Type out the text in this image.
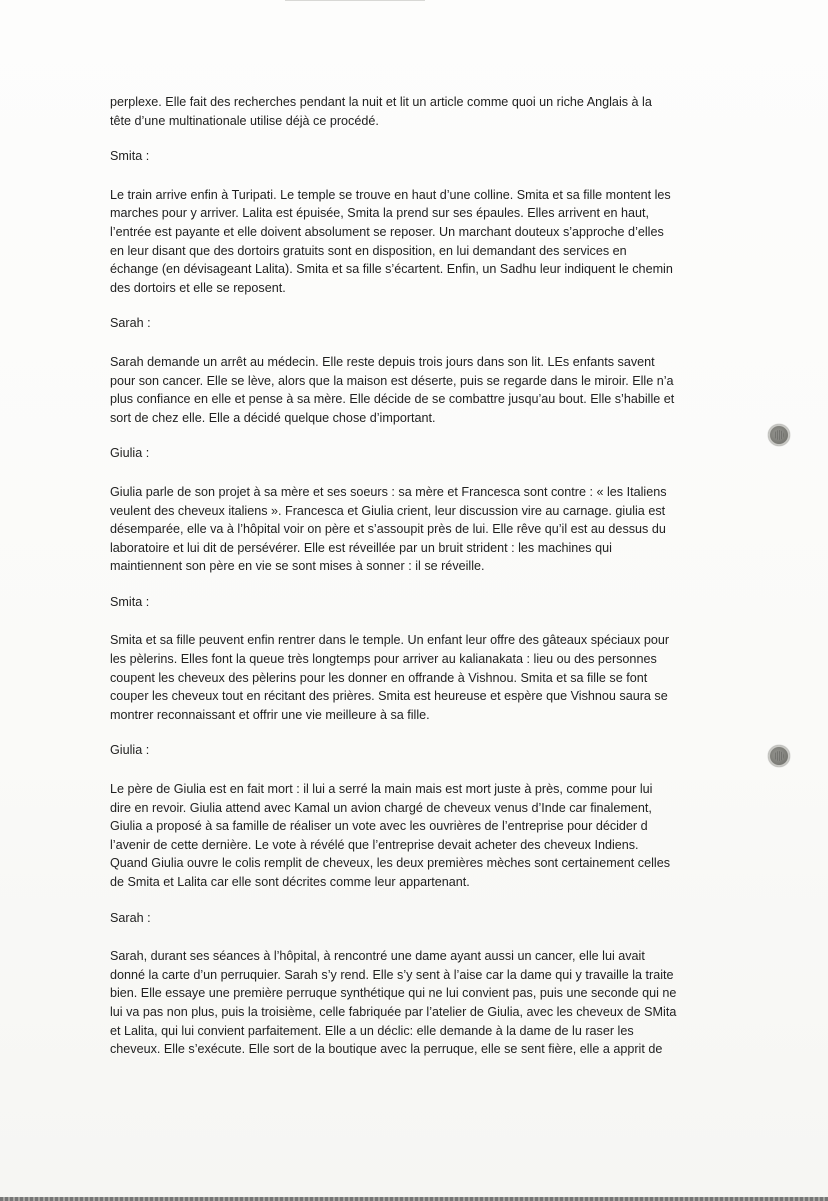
perplexe. Elle fait des recherches pendant la nuit et lit un article comme quoi un riche Anglais à la
tête d’une multinationale utilise déjà ce procédé.
Smita :
Le train arrive enfin à Turipati. Le temple se trouve en haut d’une colline. Smita et sa fille montent les
marches pour y arriver. Lalita est épuisée, Smita la prend sur ses épaules. Elles arrivent en haut,
l’entrée est payante et elle doivent absolument se reposer. Un marchant douteux s’approche d’elles
en leur disant que des dortoirs gratuits sont en disposition, en lui demandant des services en
échange (en dévisageant Lalita). Smita et sa fille s’écartent. Enfin, un Sadhu leur indiquent le chemin
des dortoirs et elle se reposent.
Sarah :
Sarah demande un arrêt au médecin. Elle reste depuis trois jours dans son lit. LEs enfants savent
pour son cancer. Elle se lève, alors que la maison est déserte, puis se regarde dans le miroir. Elle n’a
plus confiance en elle et pense à sa mère. Elle décide de se combattre jusqu’au bout. Elle s’habille et
sort de chez elle. Elle a décidé quelque chose d’important.
Giulia :
Giulia parle de son projet à sa mère et ses soeurs : sa mère et Francesca sont contre : « les Italiens
veulent des cheveux italiens ». Francesca et Giulia crient, leur discussion vire au carnage. giulia est
désemparée, elle va à l’hôpital voir on père et s’assoupit près de lui. Elle rêve qu’il est au dessus du
laboratoire et lui dit de persévérer. Elle est réveillée par un bruit strident : les machines qui
maintiennent son père en vie se sont mises à sonner : il se réveille.
Smita :
Smita et sa fille peuvent enfin rentrer dans le temple. Un enfant leur offre des gâteaux spéciaux pour
les pèlerins. Elles font la queue très longtemps pour arriver au kalianakata : lieu ou des personnes
coupent les cheveux des pèlerins pour les donner en offrande à Vishnou. Smita et sa fille se font
couper les cheveux tout en récitant des prières. Smita est heureuse et espère que Vishnou saura se
montrer reconnaissant et offrir une vie meilleure à sa fille.
Giulia :
Le père de Giulia est en fait mort : il lui a serré la main mais est mort juste à près, comme pour lui
dire en revoir. Giulia attend avec Kamal un avion chargé de cheveux venus d’Inde car finalement,
Giulia a proposé à sa famille de réaliser un vote avec les ouvrières de l’entreprise pour décider d
l’avenir de cette dernière. Le vote à révélé que l’entreprise devait acheter des cheveux Indiens.
Quand Giulia ouvre le colis remplit de cheveux, les deux premières mèches sont certainement celles
de Smita et Lalita car elle sont décrites comme leur appartenant.
Sarah :
Sarah, durant ses séances à l’hôpital, à rencontré une dame ayant aussi un cancer, elle lui avait
donné la carte d’un perruquier. Sarah s’y rend. Elle s’y sent à l’aise car la dame qui y travaille la traite
bien. Elle essaye une première perruque synthétique qui ne lui convient pas, puis une seconde qui ne
lui va pas non plus, puis la troisième, celle fabriquée par l’atelier de Giulia, avec les cheveux de SMita
et Lalita, qui lui convient parfaitement. Elle a un déclic: elle demande à la dame de lu raser les
cheveux. Elle s’exécute. Elle sort de la boutique avec la perruque, elle se sent fière, elle a apprit de
